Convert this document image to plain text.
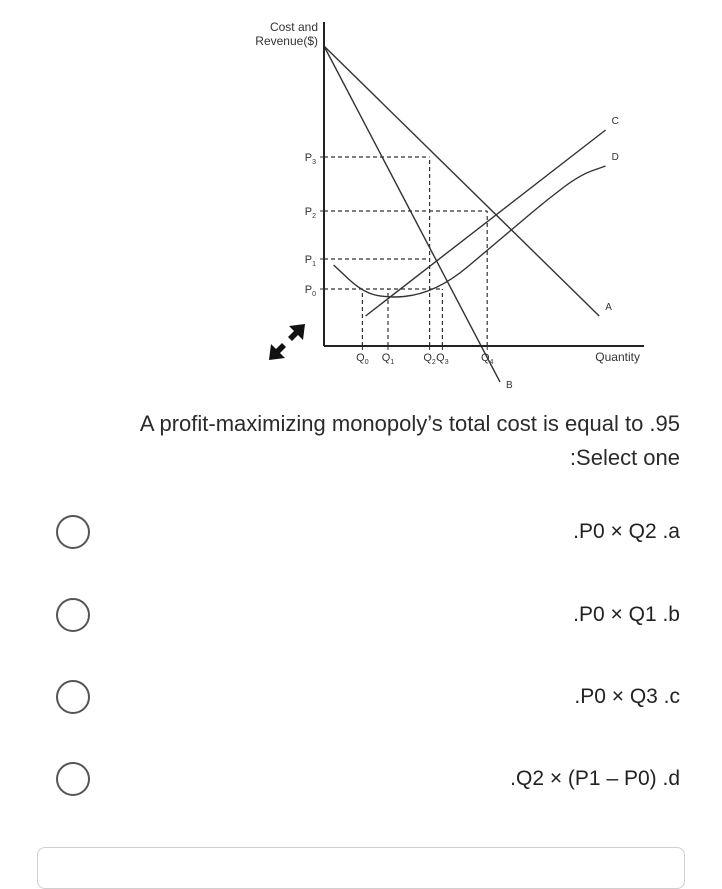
Cost and
Revenue($)
Quantity
$P_3$
$P_2$
$P_1$
$P_0$
$Q_0$ $Q_1$	$Q_2$ $Q_3$	$Q_4$
A
B
C
D
A profit-maximizing monopoly’s total cost is equal to .95
:Select one
.P0 × Q2 .a
.P0 × Q1 .b
.P0 × Q3 .c
.Q2 × (P1 – P0) .d
